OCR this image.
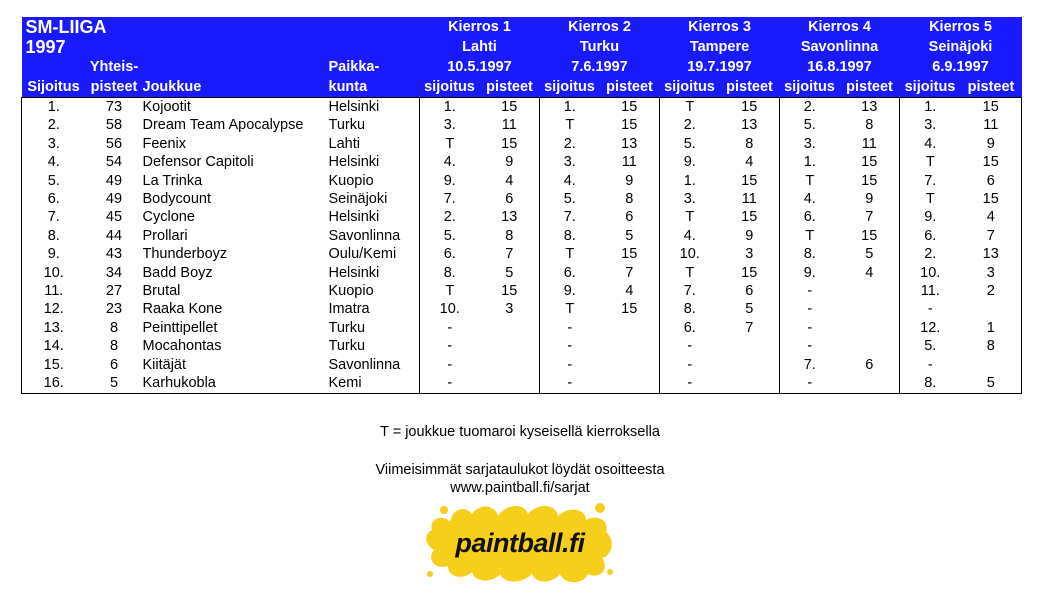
SM-LIIGA				Kierros 1		Kierros 2		Kierros 3		Kierros 4		Kierros 5	
1997				Lahti		Turku		Tampere		Savonlinna		Seinäjoki	
	Yhteis-		Paikka-	10.5.1997		7.6.1997		19.7.1997		16.8.1997		6.9.1997	
Sijoitus	pisteet	Joukkue	kunta	sijoitus	pisteet	sijoitus	pisteet	sijoitus	pisteet	sijoitus	pisteet	sijoitus	pisteet
1.	73	Kojootit	Helsinki	1.	15	1.	15	T	15	2.	13	1.	15
2.	58	Dream Team Apocalypse	Turku	3.	11	T	15	2.	13	5.	8	3.	11
3.	56	Feenix	Lahti	T	15	2.	13	5.	8	3.	11	4.	9
4.	54	Defensor Capitoli	Helsinki	4.	9	3.	11	9.	4	1.	15	T	15
5.	49	La Trinka	Kuopio	9.	4	4.	9	1.	15	T	15	7.	6
6.	49	Bodycount	Seinäjoki	7.	6	5.	8	3.	11	4.	9	T	15
7.	45	Cyclone	Helsinki	2.	13	7.	6	T	15	6.	7	9.	4
8.	44	Prollari	Savonlinna	5.	8	8.	5	4.	9	T	15	6.	7
9.	43	Thunderboyz	Oulu/Kemi	6.	7	T	15	10.	3	8.	5	2.	13
10.	34	Badd Boyz	Helsinki	8.	5	6.	7	T	15	9.	4	10.	3
11.	27	Brutal	Kuopio	T	15	9.	4	7.	6	-		11.	2
12.	23	Raaka Kone	Imatra	10.	3	T	15	8.	5	-		-	
13.	8	Peinttipellet	Turku	-		-		6.	7	-		12.	1
14.	8	Mocahontas	Turku	-		-		-		-		5.	8
15.	6	Kiitäjät	Savonlinna	-		-		-		7.	6	-	
16.	5	Karhukobla	Kemi	-		-		-		-		8.	5
T = joukkue tuomaroi kyseisellä kierroksella
Viimeisimmät sarjataulukot löydät osoitteesta
www.paintball.fi/sarjat
paintball.fi
